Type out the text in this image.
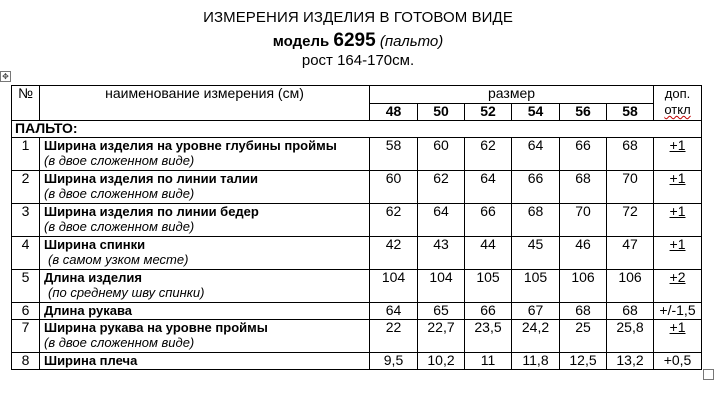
ИЗМЕРЕНИЯ ИЗДЕЛИЯ В ГОТОВОМ ВИДЕ
модель 6295 (пальто)
рост 164-170см.
✥
№	наименование измерения (см)	размер						доп.
откл

		48	50	52	54	56	58	
ПАЛЬТО:								
1	Ширина изделия на уровне глубины проймы
(в двое сложенном виде)	58	60	62	64	66	68	+1
2	Ширина изделия по линии талии
(в двое сложенном виде)	60	62	64	66	68	70	+1
3	Ширина изделия по линии бедер
(в двое сложенном виде)	62	64	66	68	70	72	+1
4	Ширина спинки
(в самом узком месте)	42	43	44	45	46	47	+1
5	Длина изделия
(по среднему шву спинки)	104	104	105	105	106	106	+2
6	Длина рукава	64	65	66	67	68	68	+/-1,5
7	Ширина рукава на уровне проймы
(в двое сложенном виде)	22	22,7	23,5	24,2	25	25,8	+1
8	Ширина плеча	9,5	10,2	11	11,8	12,5	13,2	+0,5
